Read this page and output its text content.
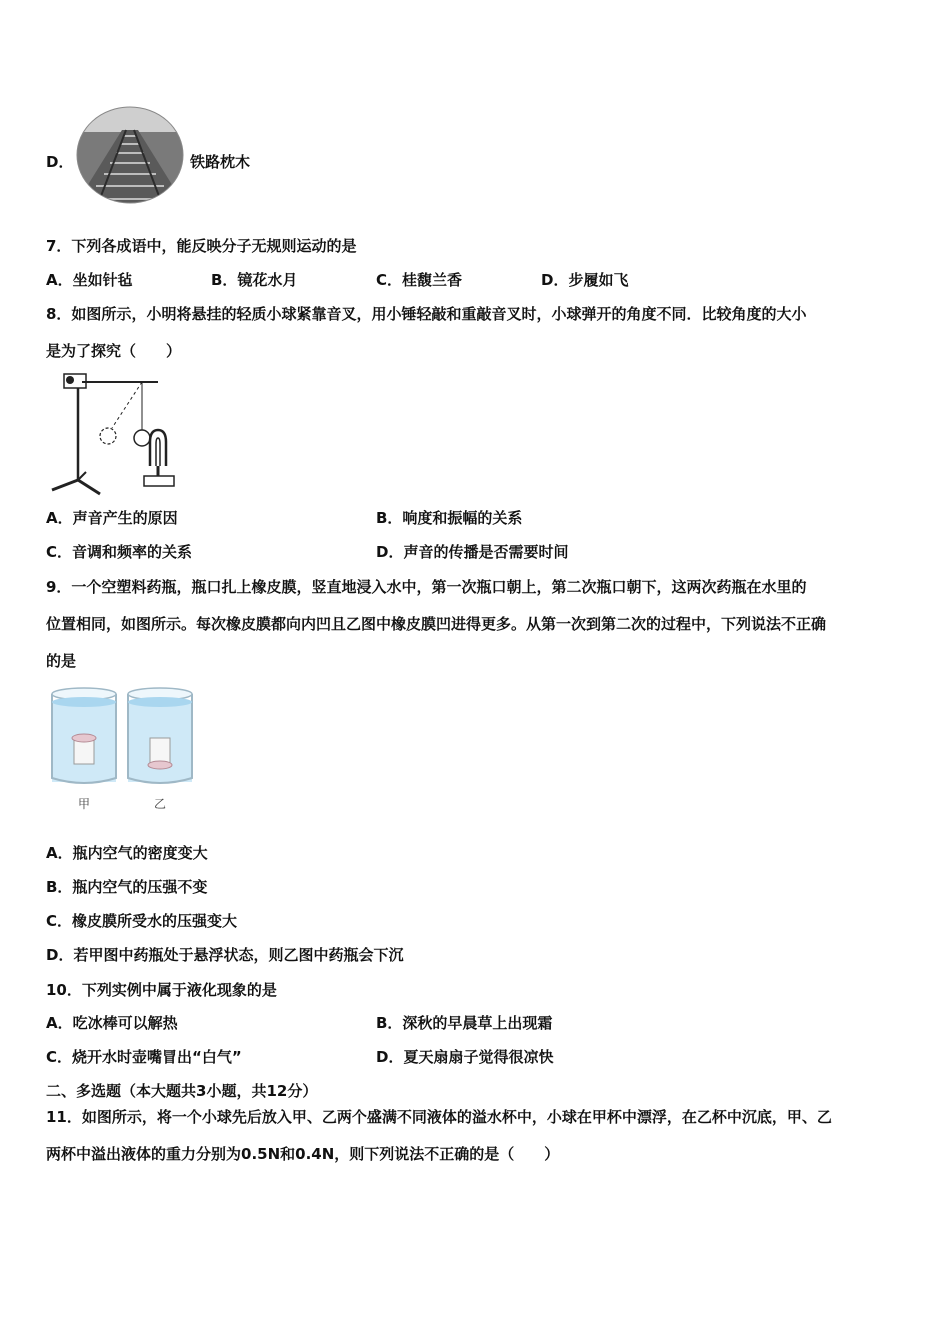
D．	铁路枕木
7．下列各成语中，能反映分子无规则运动的是
A．坐如针毡	B．镜花水月	C．桂馥兰香	D．步履如飞
8．如图所示，小明将悬挂的轻质小球紧靠音叉，用小锤轻敲和重敲音叉时，小球弹开的角度不同．比较角度的大小
是为了探究（　　）
A．声音产生的原因	B．响度和振幅的关系
C．音调和频率的关系	D．声音的传播是否需要时间
9．一个空塑料药瓶，瓶口扎上橡皮膜，竖直地浸入水中，第一次瓶口朝上，第二次瓶口朝下，这两次药瓶在水里的
位置相同，如图所示。每次橡皮膜都向内凹且乙图中橡皮膜凹进得更多。从第一次到第二次的过程中，下列说法不正确
的是
甲	乙
A．瓶内空气的密度变大
B．瓶内空气的压强不变
C．橡皮膜所受水的压强变大
D．若甲图中药瓶处于悬浮状态，则乙图中药瓶会下沉
10．下列实例中属于液化现象的是
A．吃冰棒可以解热	B．深秋的早晨草上出现霜
C．烧开水时壶嘴冒出“白气”	D．夏天扇扇子觉得很凉快
二、多选题（本大题共3小题，共12分）
11．如图所示，将一个小球先后放入甲、乙两个盛满不同液体的溢水杯中，小球在甲杯中漂浮，在乙杯中沉底，甲、乙
两杯中溢出液体的重力分别为0.5N和0.4N，则下列说法不正确的是（　　）
